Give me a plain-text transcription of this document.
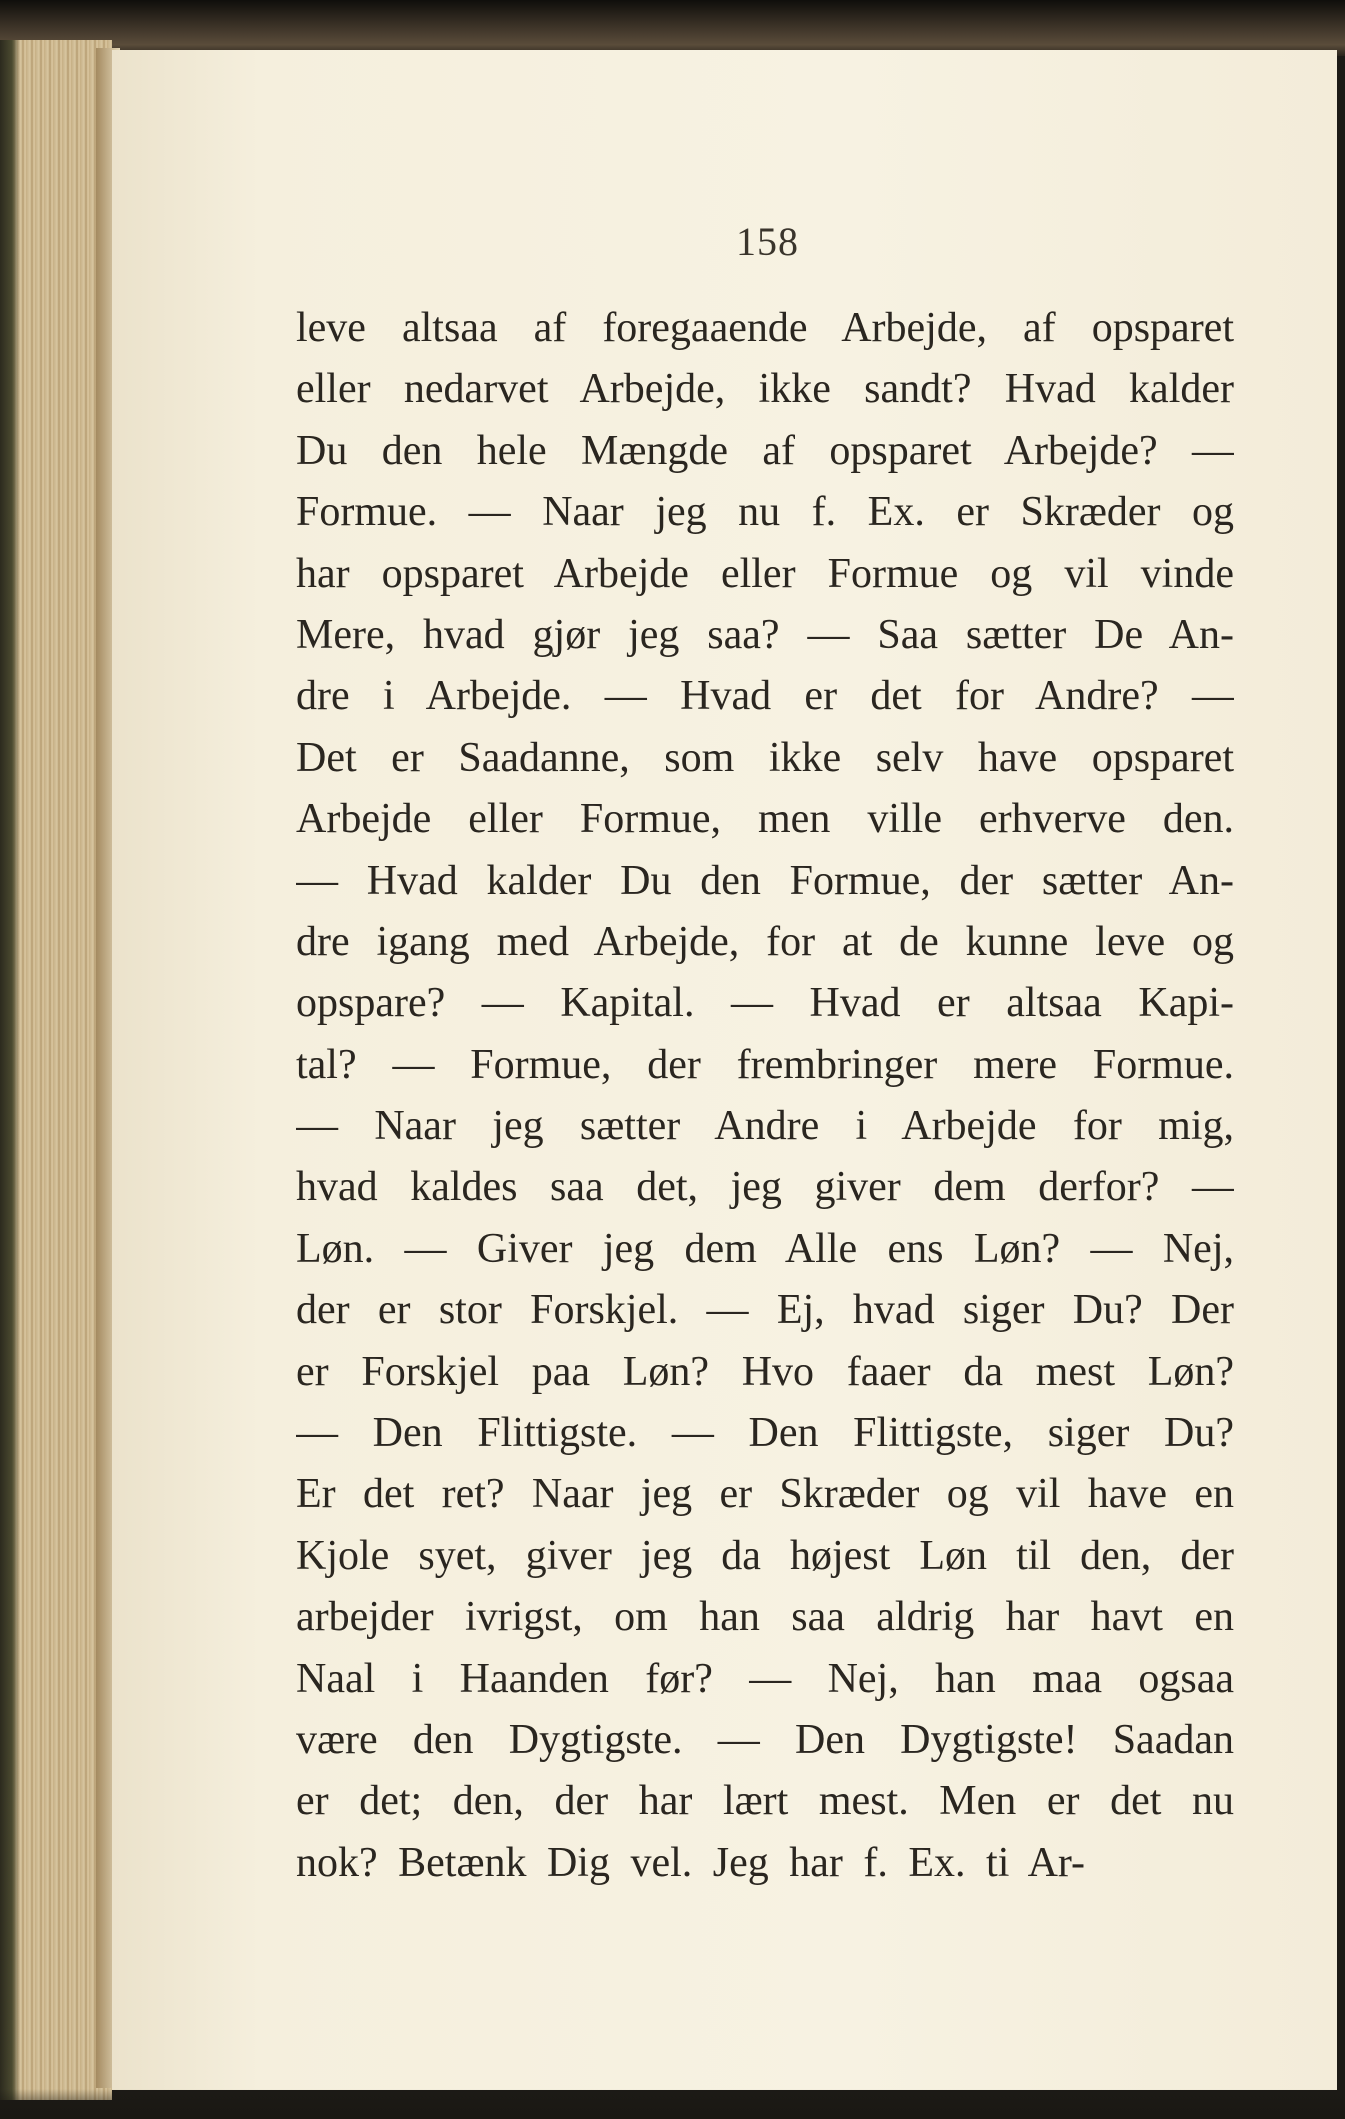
158
leve altsaa af foregaaende Arbejde, af opsparet
eller nedarvet Arbejde, ikke sandt? Hvad kalder
Du den hele Mængde af opsparet Arbejde? —
Formue. — Naar jeg nu f. Ex. er Skræder og
har opsparet Arbejde eller Formue og vil vinde
Mere, hvad gjør jeg saa? — Saa sætter De An-
dre i Arbejde. — Hvad er det for Andre? —
Det er Saadanne, som ikke selv have opsparet
Arbejde eller Formue, men ville erhverve den.
— Hvad kalder Du den Formue, der sætter An-
dre igang med Arbejde, for at de kunne leve og
opspare? — Kapital. — Hvad er altsaa Kapi-
tal? — Formue, der frembringer mere Formue.
— Naar jeg sætter Andre i Arbejde for mig,
hvad kaldes saa det, jeg giver dem derfor? —
Løn. — Giver jeg dem Alle ens Løn? — Nej,
der er stor Forskjel. — Ej, hvad siger Du? Der
er Forskjel paa Løn? Hvo faaer da mest Løn?
— Den Flittigste. — Den Flittigste, siger Du?
Er det ret? Naar jeg er Skræder og vil have en
Kjole syet, giver jeg da højest Løn til den, der
arbejder ivrigst, om han saa aldrig har havt en
Naal i Haanden før? — Nej, han maa ogsaa
være den Dygtigste. — Den Dygtigste! Saadan
er det; den, der har lært mest. Men er det nu
nok? Betænk Dig vel. Jeg har f. Ex. ti Ar-
